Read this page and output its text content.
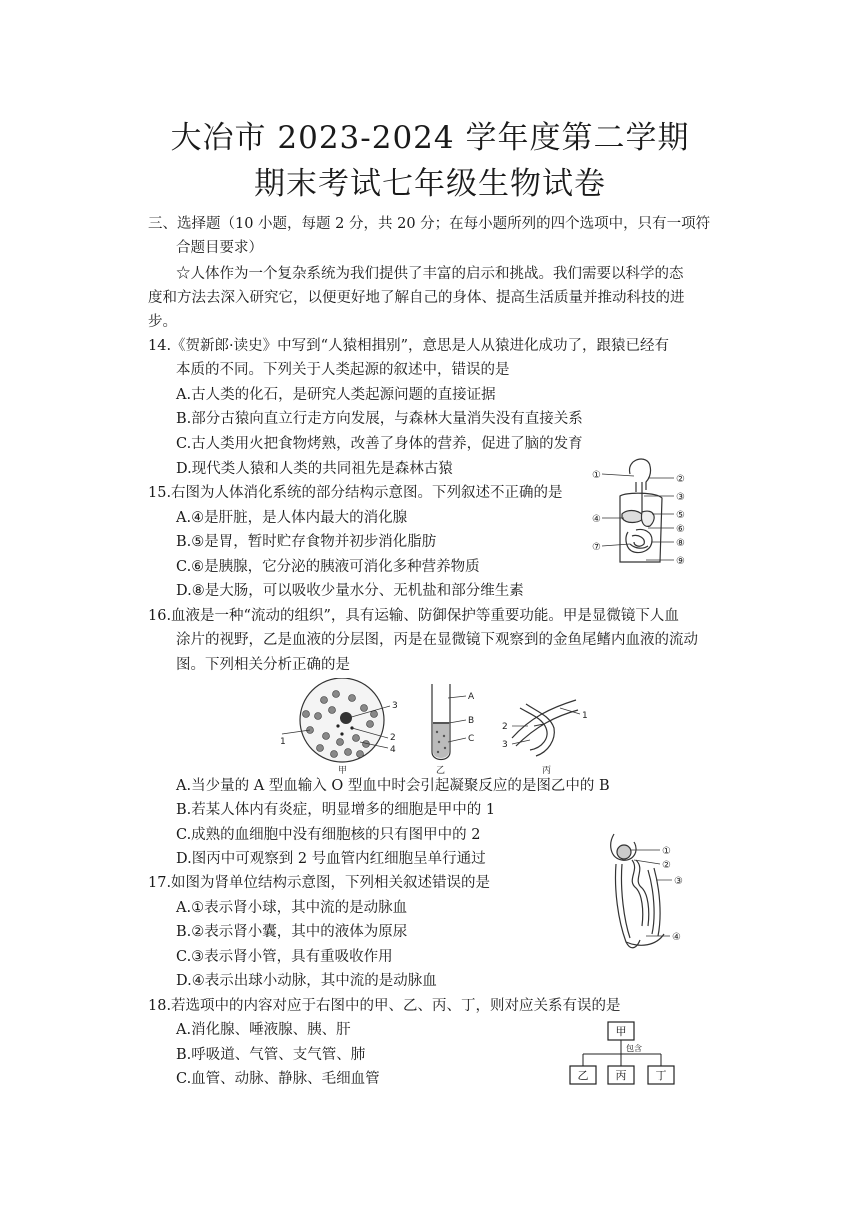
大冶市 2023-2024 学年度第二学期
期末考试七年级生物试卷
三、选择题（10 小题，每题 2 分，共 20 分；在每小题所列的四个选项中，只有一项符
合题目要求）
☆人体作为一个复杂系统为我们提供了丰富的启示和挑战。我们需要以科学的态
度和方法去深入研究它，以便更好地了解自己的身体、提高生活质量并推动科技的进
步。
14.《贺新郎·读史》中写到“人猿相揖别”，意思是人从猿进化成功了，跟猿已经有
本质的不同。下列关于人类起源的叙述中，错误的是
A.古人类的化石，是研究人类起源问题的直接证据
B.部分古猿向直立行走方向发展，与森林大量消失没有直接关系
C.古人类用火把食物烤熟，改善了身体的营养，促进了脑的发育
D.现代类人猿和人类的共同祖先是森林古猿
15.右图为人体消化系统的部分结构示意图。下列叙述不正确的是
A.④是肝脏，是人体内最大的消化腺
B.⑤是胃，暂时贮存食物并初步消化脂肪
C.⑥是胰腺，它分泌的胰液可消化多种营养物质
D.⑧是大肠，可以吸收少量水分、无机盐和部分维生素
①	②
③
④	⑤
⑥
⑦	⑧
⑨
16.血液是一种“流动的组织”，具有运输、防御保护等重要功能。甲是显微镜下人血
涂片的视野，乙是血液的分层图，丙是在显微镜下观察到的金鱼尾鳍内血液的流动
图。下列相关分析正确的是
1	2
3
4
甲
A
B
C
乙
1
2
3
丙
A.当少量的 A 型血输入 O 型血中时会引起凝聚反应的是图乙中的 B
B.若某人体内有炎症，明显增多的细胞是甲中的 1
C.成熟的血细胞中没有细胞核的只有图甲中的 2
D.图丙中可观察到 2 号血管内红细胞呈单行通过	①
②
③
④
17.如图为肾单位结构示意图，下列相关叙述错误的是
A.①表示肾小球，其中流的是动脉血
B.②表示肾小囊，其中的液体为原尿
C.③表示肾小管，具有重吸收作用
D.④表示出球小动脉，其中流的是动脉血
18.若选项中的内容对应于右图中的甲、乙、丙、丁，则对应关系有误的是
A.消化腺、唾液腺、胰、肝
B.呼吸道、气管、支气管、肺
C.血管、动脉、静脉、毛细血管
甲
乙 丙	丁
包含
